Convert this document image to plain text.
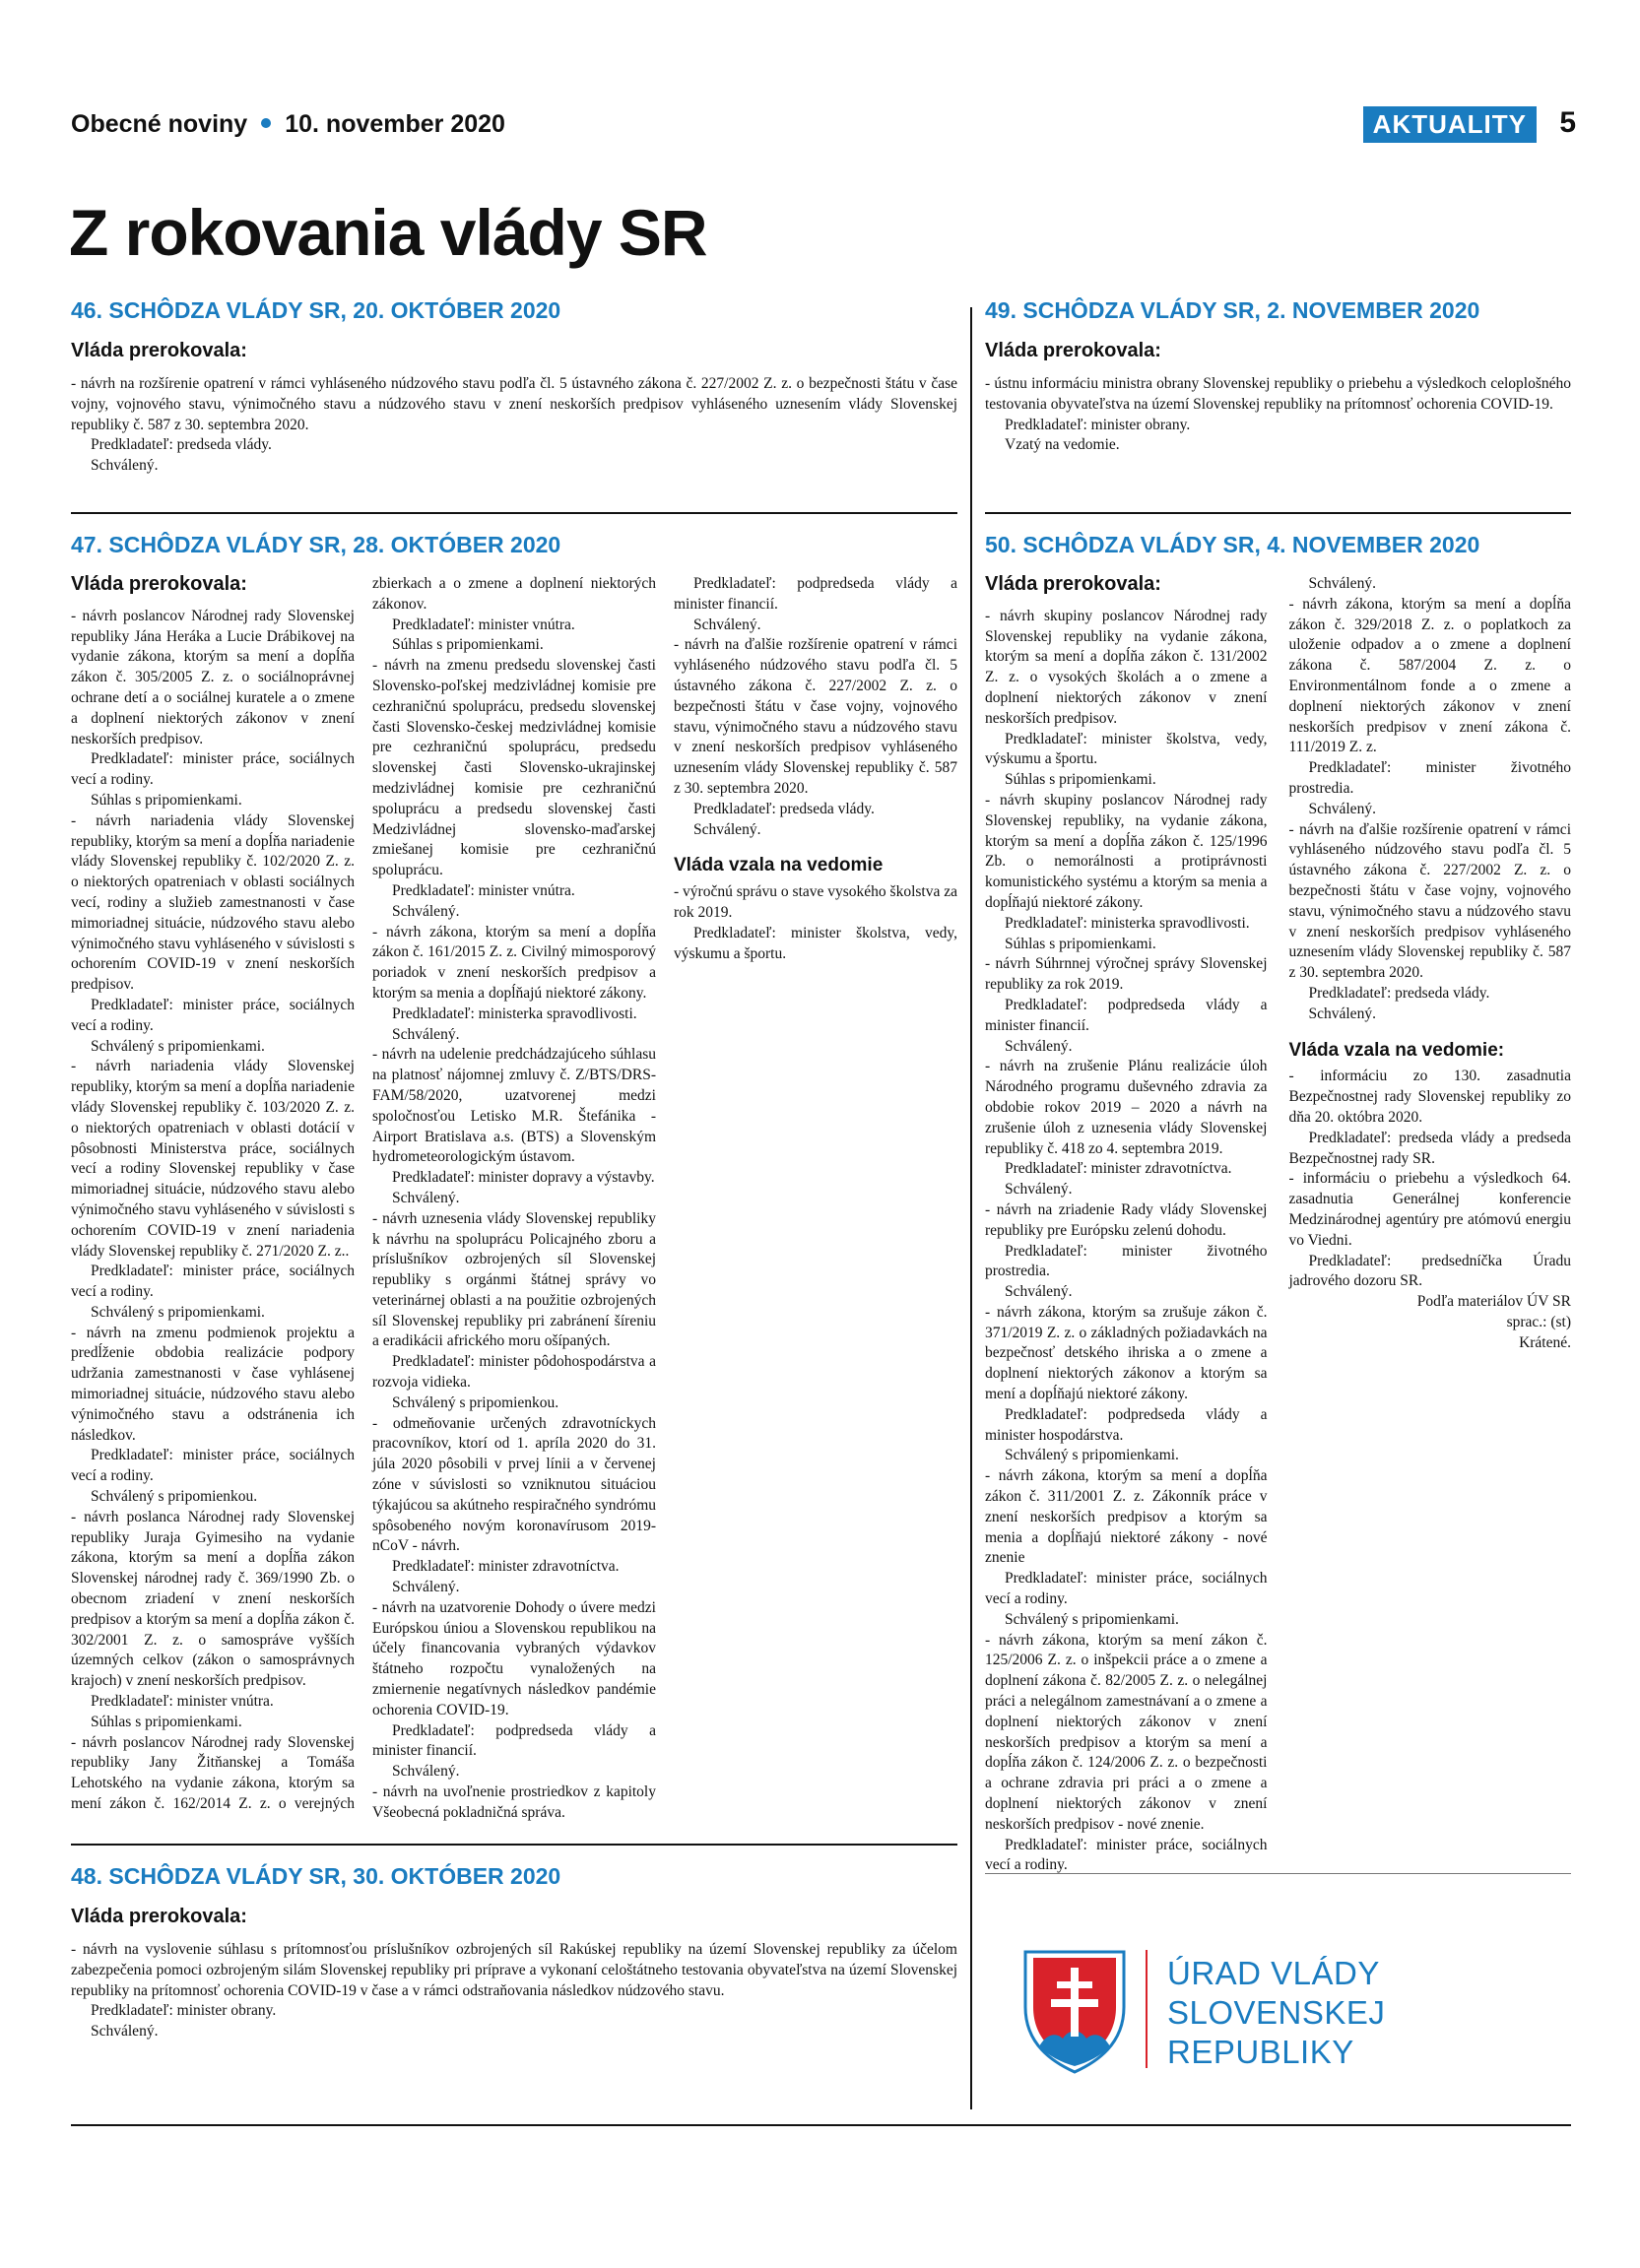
Obecné noviny 10. november 2020	AKTUALITY	5
Z rokovania vlády SR
46. SCHÔDZA VLÁDY SR, 20. OKTÓBER 2020
Vláda prerokovala:

- návrh na rozšírenie opatrení v rámci vyhláseného núdzového stavu podľa čl. 5 ústavného zákona č. 227/2002 Z. z. o bezpečnosti štátu v čase vojny, vojnového stavu, výnimočného stavu a núdzového stavu v znení neskorších predpisov vyhláseného uznesením vlády Slovenskej republiky č. 587 z 30. septembra 2020.

Predkladateľ: predseda vlády.

Schválený.

49. SCHÔDZA VLÁDY SR, 2. NOVEMBER 2020
Vláda prerokovala:

- ústnu informáciu ministra obrany Slovenskej republiky o priebehu a výsledkoch celoplošného testovania obyvateľstva na území Slovenskej republiky na prítomnosť ochorenia COVID-19.

Predkladateľ: minister obrany.

Vzatý na vedomie.

47. SCHÔDZA VLÁDY SR, 28. OKTÓBER 2020
Vláda prerokovala:

- návrh poslancov Národnej rady Slovenskej republiky Jána Heráka a Lucie Drábikovej na vydanie zákona, ktorým sa mení a dopĺňa zákon č. 305/2005 Z. z. o sociálnoprávnej ochrane detí a o sociálnej kuratele a o zmene a doplnení niektorých zákonov v znení neskorších predpisov.

Predkladateľ: minister práce, sociálnych vecí a rodiny.

Súhlas s pripomienkami.

- návrh nariadenia vlády Slovenskej republiky, ktorým sa mení a dopĺňa nariadenie vlády Slovenskej republiky č. 102/2020 Z. z. o niektorých opatreniach v oblasti sociálnych vecí, rodiny a služieb zamestnanosti v čase mimoriadnej situácie, núdzového stavu alebo výnimočného stavu vyhláseného v súvislosti s ochorením COVID-19 v znení neskorších predpisov.

Predkladateľ: minister práce, sociálnych vecí a rodiny.

Schválený s pripomienkami.

- návrh nariadenia vlády Slovenskej republiky, ktorým sa mení a dopĺňa nariadenie vlády Slovenskej republiky č. 103/2020 Z. z. o niektorých opatreniach v oblasti dotácií v pôsobnosti Ministerstva práce, sociálnych vecí a rodiny Slovenskej republiky v čase mimoriadnej situácie, núdzového stavu alebo výnimočného stavu vyhláseného v súvislosti s ochorením COVID-19 v znení nariadenia vlády Slovenskej republiky č. 271/2020 Z. z..

Predkladateľ: minister práce, sociálnych vecí a rodiny.

Schválený s pripomienkami.

- návrh na zmenu podmienok projektu a predĺženie obdobia realizácie podpory udržania zamestnanosti v čase vyhlásenej mimoriadnej situácie, núdzového stavu alebo výnimočného stavu a odstránenia ich následkov.

Predkladateľ: minister práce, sociálnych vecí a rodiny.

Schválený s pripomienkou.

- návrh poslanca Národnej rady Slovenskej republiky Juraja Gyimesiho na vydanie zákona, ktorým sa mení a dopĺňa zákon Slovenskej národnej rady č. 369/1990 Zb. o obecnom zriadení v znení neskorších predpisov a ktorým sa mení a dopĺňa zákon č. 302/2001 Z. z. o samospráve vyšších územných celkov (zákon o samosprávnych krajoch) v znení neskorších predpisov.

Predkladateľ: minister vnútra.

Súhlas s pripomienkami.

- návrh poslancov Národnej rady Slovenskej republiky Jany Žitňanskej a Tomáša Lehotského na vydanie zákona, ktorým sa mení zákon č. 162/2014 Z. z. o verejných zbierkach a o zmene a doplnení niektorých zákonov.

Predkladateľ: minister vnútra.

Súhlas s pripomienkami.

- návrh na zmenu predsedu slovenskej časti Slovensko-poľskej medzivládnej komisie pre cezhraničnú spoluprácu, predsedu slovenskej časti Slovensko-českej medzivládnej komisie pre cezhraničnú spoluprácu, predsedu slovenskej časti Slovensko-ukrajinskej medzivládnej komisie pre cezhraničnú spoluprácu a predsedu slovenskej časti Medzivládnej slovensko-maďarskej zmiešanej komisie pre cezhraničnú spoluprácu.

Predkladateľ: minister vnútra.

Schválený.

- návrh zákona, ktorým sa mení a dopĺňa zákon č. 161/2015 Z. z. Civilný mimosporový poriadok v znení neskorších predpisov a ktorým sa menia a dopĺňajú niektoré zákony.

Predkladateľ: ministerka spravodlivosti.

Schválený.

- návrh na udelenie predchádzajúceho súhlasu na platnosť nájomnej zmluvy č. Z/BTS/DRS-FAM/58/2020, uzatvorenej medzi spoločnosťou Letisko M.R. Štefánika - Airport Bratislava a.s. (BTS) a Slovenským hydrometeorologickým ústavom.

Predkladateľ: minister dopravy a výstavby.

Schválený.

- návrh uznesenia vlády Slovenskej republiky k návrhu na spoluprácu Policajného zboru a príslušníkov ozbrojených síl Slovenskej republiky s orgánmi štátnej správy vo veterinárnej oblasti a na použitie ozbrojených síl Slovenskej republiky pri zabránení šíreniu a eradikácii afrického moru ošípaných.

Predkladateľ: minister pôdohospodárstva a rozvoja vidieka.

Schválený s pripomienkou.

- odmeňovanie určených zdravotníckych pracovníkov, ktorí od 1. apríla 2020 do 31. júla 2020 pôsobili v prvej línii a v červenej zóne v súvislosti so vzniknutou situáciou týkajúcou sa akútneho respiračného syndrómu spôsobeného novým koronavírusom 2019-nCoV - návrh.

Predkladateľ: minister zdravotníctva.

Schválený.

- návrh na uzatvorenie Dohody o úvere medzi Európskou úniou a Slovenskou republikou na účely financovania vybraných výdavkov štátneho rozpočtu vynaložených na zmiernenie negatívnych následkov pandémie ochorenia COVID-19.

Predkladateľ: podpredseda vlády a minister financií.

Schválený.

- návrh na uvoľnenie prostriedkov z kapitoly Všeobecná pokladničná správa.

Predkladateľ: podpredseda vlády a minister financií.

Schválený.

- návrh na ďalšie rozšírenie opatrení v rámci vyhláseného núdzového stavu podľa čl. 5 ústavného zákona č. 227/2002 Z. z. o bezpečnosti štátu v čase vojny, vojnového stavu, výnimočného stavu a núdzového stavu v znení neskorších predpisov vyhláseného uznesením vlády Slovenskej republiky č. 587 z 30. septembra 2020.

Predkladateľ: predseda vlády.

Schválený.

Vláda vzala na vedomie

- výročnú správu o stave vysokého školstva za rok 2019.

Predkladateľ: minister školstva, vedy, výskumu a športu.

48. SCHÔDZA VLÁDY SR, 30. OKTÓBER 2020
Vláda prerokovala:

- návrh na vyslovenie súhlasu s prítomnosťou príslušníkov ozbrojených síl Rakúskej republiky na území Slovenskej republiky za účelom zabezpečenia pomoci ozbrojeným silám Slovenskej republiky pri príprave a vykonaní celoštátneho testovania obyvateľstva na území Slovenskej republiky na prítomnosť ochorenia COVID-19 v čase a v rámci odstraňovania následkov núdzového stavu.

Predkladateľ: minister obrany.

Schválený.

50. SCHÔDZA VLÁDY SR, 4. NOVEMBER 2020
Vláda prerokovala:

- návrh skupiny poslancov Národnej rady Slovenskej republiky na vydanie zákona, ktorým sa mení a dopĺňa zákon č. 131/2002 Z. z. o vysokých školách a o zmene a doplnení niektorých zákonov v znení neskorších predpisov.

Predkladateľ: minister školstva, vedy, výskumu a športu.

Súhlas s pripomienkami.

- návrh skupiny poslancov Národnej rady Slovenskej republiky, na vydanie zákona, ktorým sa mení a dopĺňa zákon č. 125/1996 Zb. o nemorálnosti a protiprávnosti komunistického systému a ktorým sa menia a dopĺňajú niektoré zákony.

Predkladateľ: ministerka spravodlivosti.

Súhlas s pripomienkami.

- návrh Súhrnnej výročnej správy Slovenskej republiky za rok 2019.

Predkladateľ: podpredseda vlády a minister financií.

Schválený.

- návrh na zrušenie Plánu realizácie úloh Národného programu duševného zdravia za obdobie rokov 2019 – 2020 a návrh na zrušenie úloh z uznesenia vlády Slovenskej republiky č. 418 zo 4. septembra 2019.

Predkladateľ: minister zdravotníctva.

Schválený.

- návrh na zriadenie Rady vlády Slovenskej republiky pre Európsku zelenú dohodu.

Predkladateľ: minister životného prostredia.

Schválený.

- návrh zákona, ktorým sa zrušuje zákon č. 371/2019 Z. z. o základných požiadavkách na bezpečnosť detského ihriska a o zmene a doplnení niektorých zákonov a ktorým sa mení a dopĺňajú niektoré zákony.

Predkladateľ: podpredseda vlády a minister hospodárstva.

Schválený s pripomienkami.

- návrh zákona, ktorým sa mení a dopĺňa zákon č. 311/2001 Z. z. Zákonník práce v znení neskorších predpisov a ktorým sa menia a dopĺňajú niektoré zákony - nové znenie

Predkladateľ: minister práce, sociálnych vecí a rodiny.

Schválený s pripomienkami.

- návrh zákona, ktorým sa mení zákon č. 125/2006 Z. z. o inšpekcii práce a o zmene a doplnení zákona č. 82/2005 Z. z. o nelegálnej práci a nelegálnom zamestnávaní a o zmene a doplnení niektorých zákonov v znení neskorších predpisov a ktorým sa mení a dopĺňa zákon č. 124/2006 Z. z. o bezpečnosti a ochrane zdravia pri práci a o zmene a doplnení niektorých zákonov v znení neskorších predpisov - nové znenie.

Predkladateľ: minister práce, sociálnych vecí a rodiny.

Schválený.

- návrh zákona, ktorým sa mení a dopĺňa zákon č. 329/2018 Z. z. o poplatkoch za uloženie odpadov a o zmene a doplnení zákona č. 587/2004 Z. z. o Environmentálnom fonde a o zmene a doplnení niektorých zákonov v znení neskorších predpisov v znení zákona č. 111/2019 Z. z.

Predkladateľ: minister životného prostredia.

Schválený.

- návrh na ďalšie rozšírenie opatrení v rámci vyhláseného núdzového stavu podľa čl. 5 ústavného zákona č. 227/2002 Z. z. o bezpečnosti štátu v čase vojny, vojnového stavu, výnimočného stavu a núdzového stavu v znení neskorších predpisov vyhláseného uznesením vlády Slovenskej republiky č. 587 z 30. septembra 2020.

Predkladateľ: predseda vlády.

Schválený.

Vláda vzala na vedomie:

- informáciu zo 130. zasadnutia Bezpečnostnej rady Slovenskej republiky zo dňa 20. októbra 2020.

Predkladateľ: predseda vlády a predseda Bezpečnostnej rady SR.

- informáciu o priebehu a výsledkoch 64. zasadnutia Generálnej konferencie Medzinárodnej agentúry pre atómovú energiu vo Viedni.

Predkladateľ: predsedníčka Úradu jadrového dozoru SR.

Podľa materiálov ÚV SR

sprac.: (st)

Krátené.

ÚRAD VLÁDY
SLOVENSKEJ REPUBLIKY
